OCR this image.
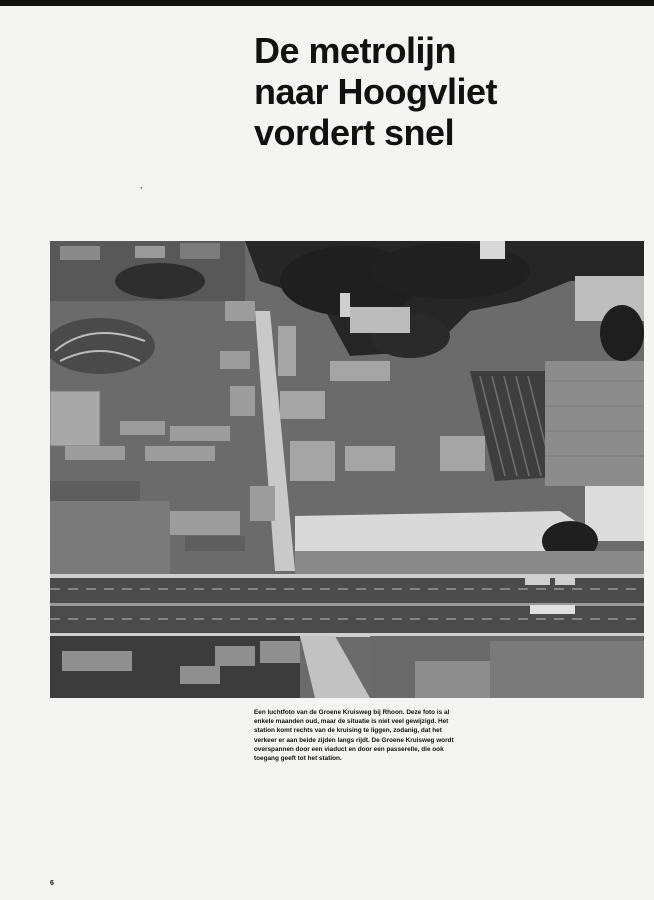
De metrolijn
naar Hoogvliet
vordert snel
’

Een luchtfoto van de Groene Kruisweg bij Rhoon. Deze foto is al enkele maanden oud, maar de situatie is niet veel gewijzigd. Het station komt rechts van de kruising te liggen, zodanig, dat het verkeer er aan beide zijden langs rijdt. De Groene Kruisweg wordt overspannen door een viaduct en door een passerelle, die ook toegang geeft tot het station.

6
